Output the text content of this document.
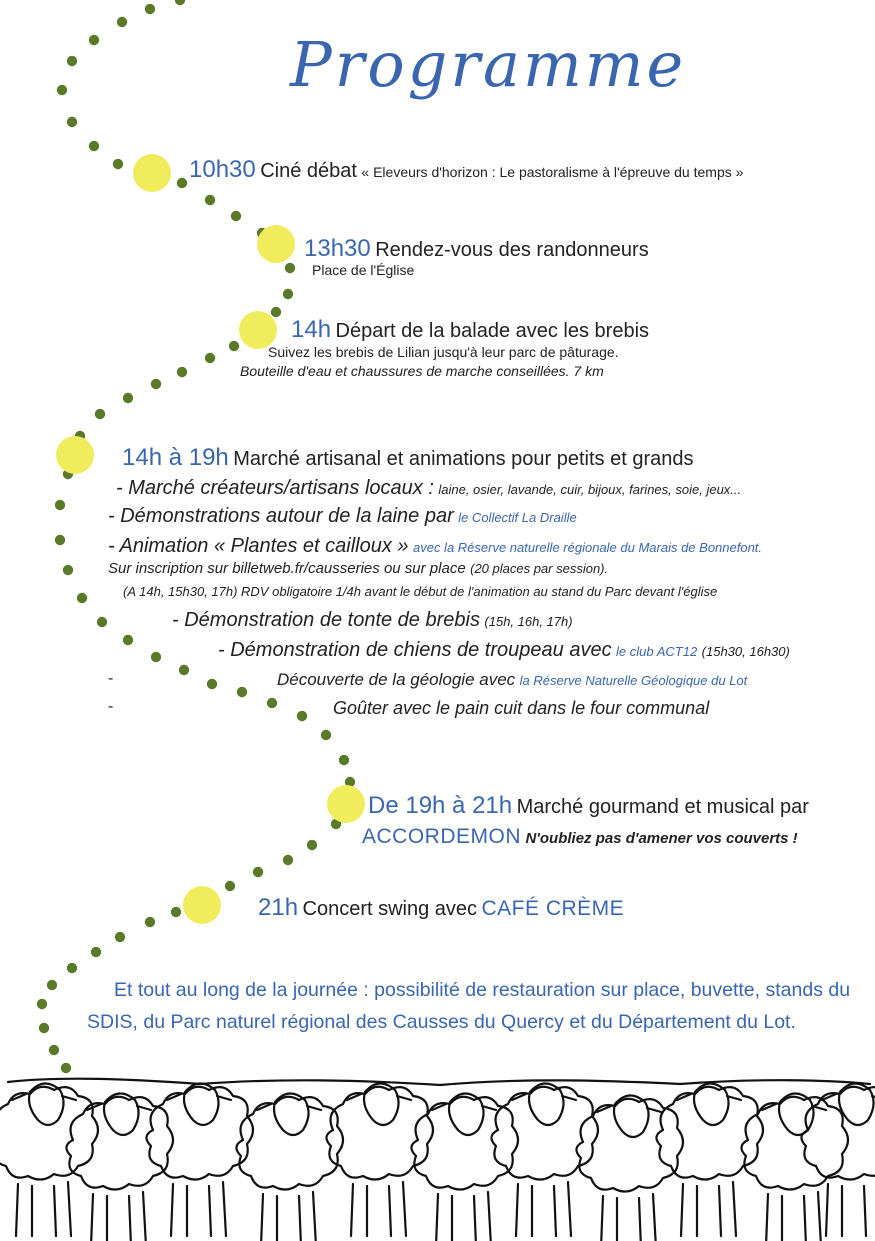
Programme
10h30 Ciné débat « Eleveurs d'horizon : Le pastoralisme à l'épreuve du temps »
13h30 Rendez-vous des randonneurs
Place de l'Église
14h Départ de la balade avec les brebis
Suivez les brebis de Lilian jusqu'à leur parc de pâturage.
Bouteille d'eau et chaussures de marche conseillées. 7 km
14h à 19h Marché artisanal et animations pour petits et grands
- Marché créateurs/artisans locaux : laine, osier, lavande, cuir, bijoux, farines, soie, jeux...
- Démonstrations autour de la laine par le Collectif La Draille
- Animation « Plantes et cailloux » avec la Réserve naturelle régionale du Marais de Bonnefont.
Sur inscription sur billetweb.fr/causseries ou sur place (20 places par session).
(A 14h, 15h30, 17h) RDV obligatoire 1/4h avant le début de l'animation au stand du Parc devant l'église
- Démonstration de tonte de brebis (15h, 16h, 17h)
- Démonstration de chiens de troupeau avec le club ACT12 (15h30, 16h30)
-	Découverte de la géologie avec la Réserve Naturelle Géologique du Lot
-	Goûter avec le pain cuit dans le four communal
De 19h à 21h Marché gourmand et musical par
ACCORDEMON N'oubliez pas d'amener vos couverts !
21h Concert swing avec CAFÉ CRÈME
Et tout au long de la journée : possibilité de restauration sur place, buvette, stands du SDIS, du Parc naturel régional des Causses du Quercy et du Département du Lot.
